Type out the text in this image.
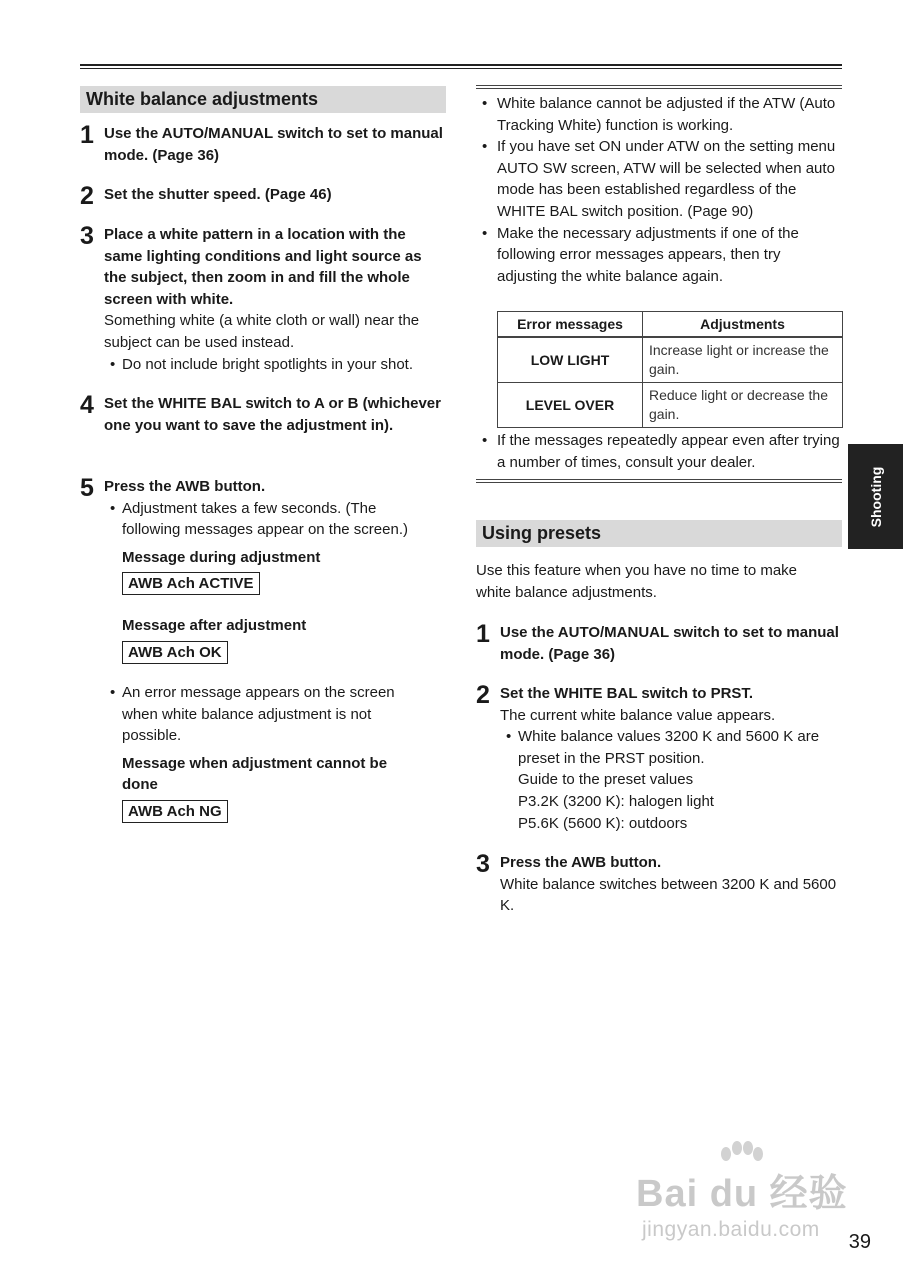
White balance adjustments
1 Use the AUTO/MANUAL switch to set to manual mode. (Page 36)
2 Set the shutter speed. (Page 46)
3 Place a white pattern in a location with the same lighting conditions and light source as the subject, then zoom in and fill the whole screen with white.
Something white (a white cloth or wall) near the subject can be used instead.
• Do not include bright spotlights in your shot.
4 Set the WHITE BAL switch to A or B (whichever one you want to save the adjustment in).
5 Press the AWB button.
• Adjustment takes a few seconds. (The following messages appear on the screen.)
Message during adjustment
AWB Ach ACTIVE
Message after adjustment
AWB Ach OK
• An error message appears on the screen when white balance adjustment is not possible.
Message when adjustment cannot be done
AWB Ach NG
• White balance cannot be adjusted if the ATW (Auto Tracking White) function is working.
• If you have set ON under ATW on the setting menu AUTO SW screen, ATW will be selected when auto mode has been established regardless of the WHITE BAL switch position. (Page 90)
• Make the necessary adjustments if one of the following error messages appears, then try adjusting the white balance again.
Error messages	Adjustments
LOW LIGHT	Increase light or increase the gain.
LEVEL OVER	Reduce light or decrease the gain.
• If the messages repeatedly appear even after trying a number of times, consult your dealer.
Using presets
Use this feature when you have no time to make white balance adjustments.
1 Use the AUTO/MANUAL switch to set to manual mode. (Page 36)
2 Set the WHITE BAL switch to PRST.
The current white balance value appears.
• White balance values 3200 K and 5600 K are preset in the PRST position.
Guide to the preset values
P3.2K (3200 K): halogen light
P5.6K (5600 K): outdoors
3 Press the AWB button.
White balance switches between 3200 K and 5600 K.
Shooting
Bai du 经验
jingyan.baidu.com
39
